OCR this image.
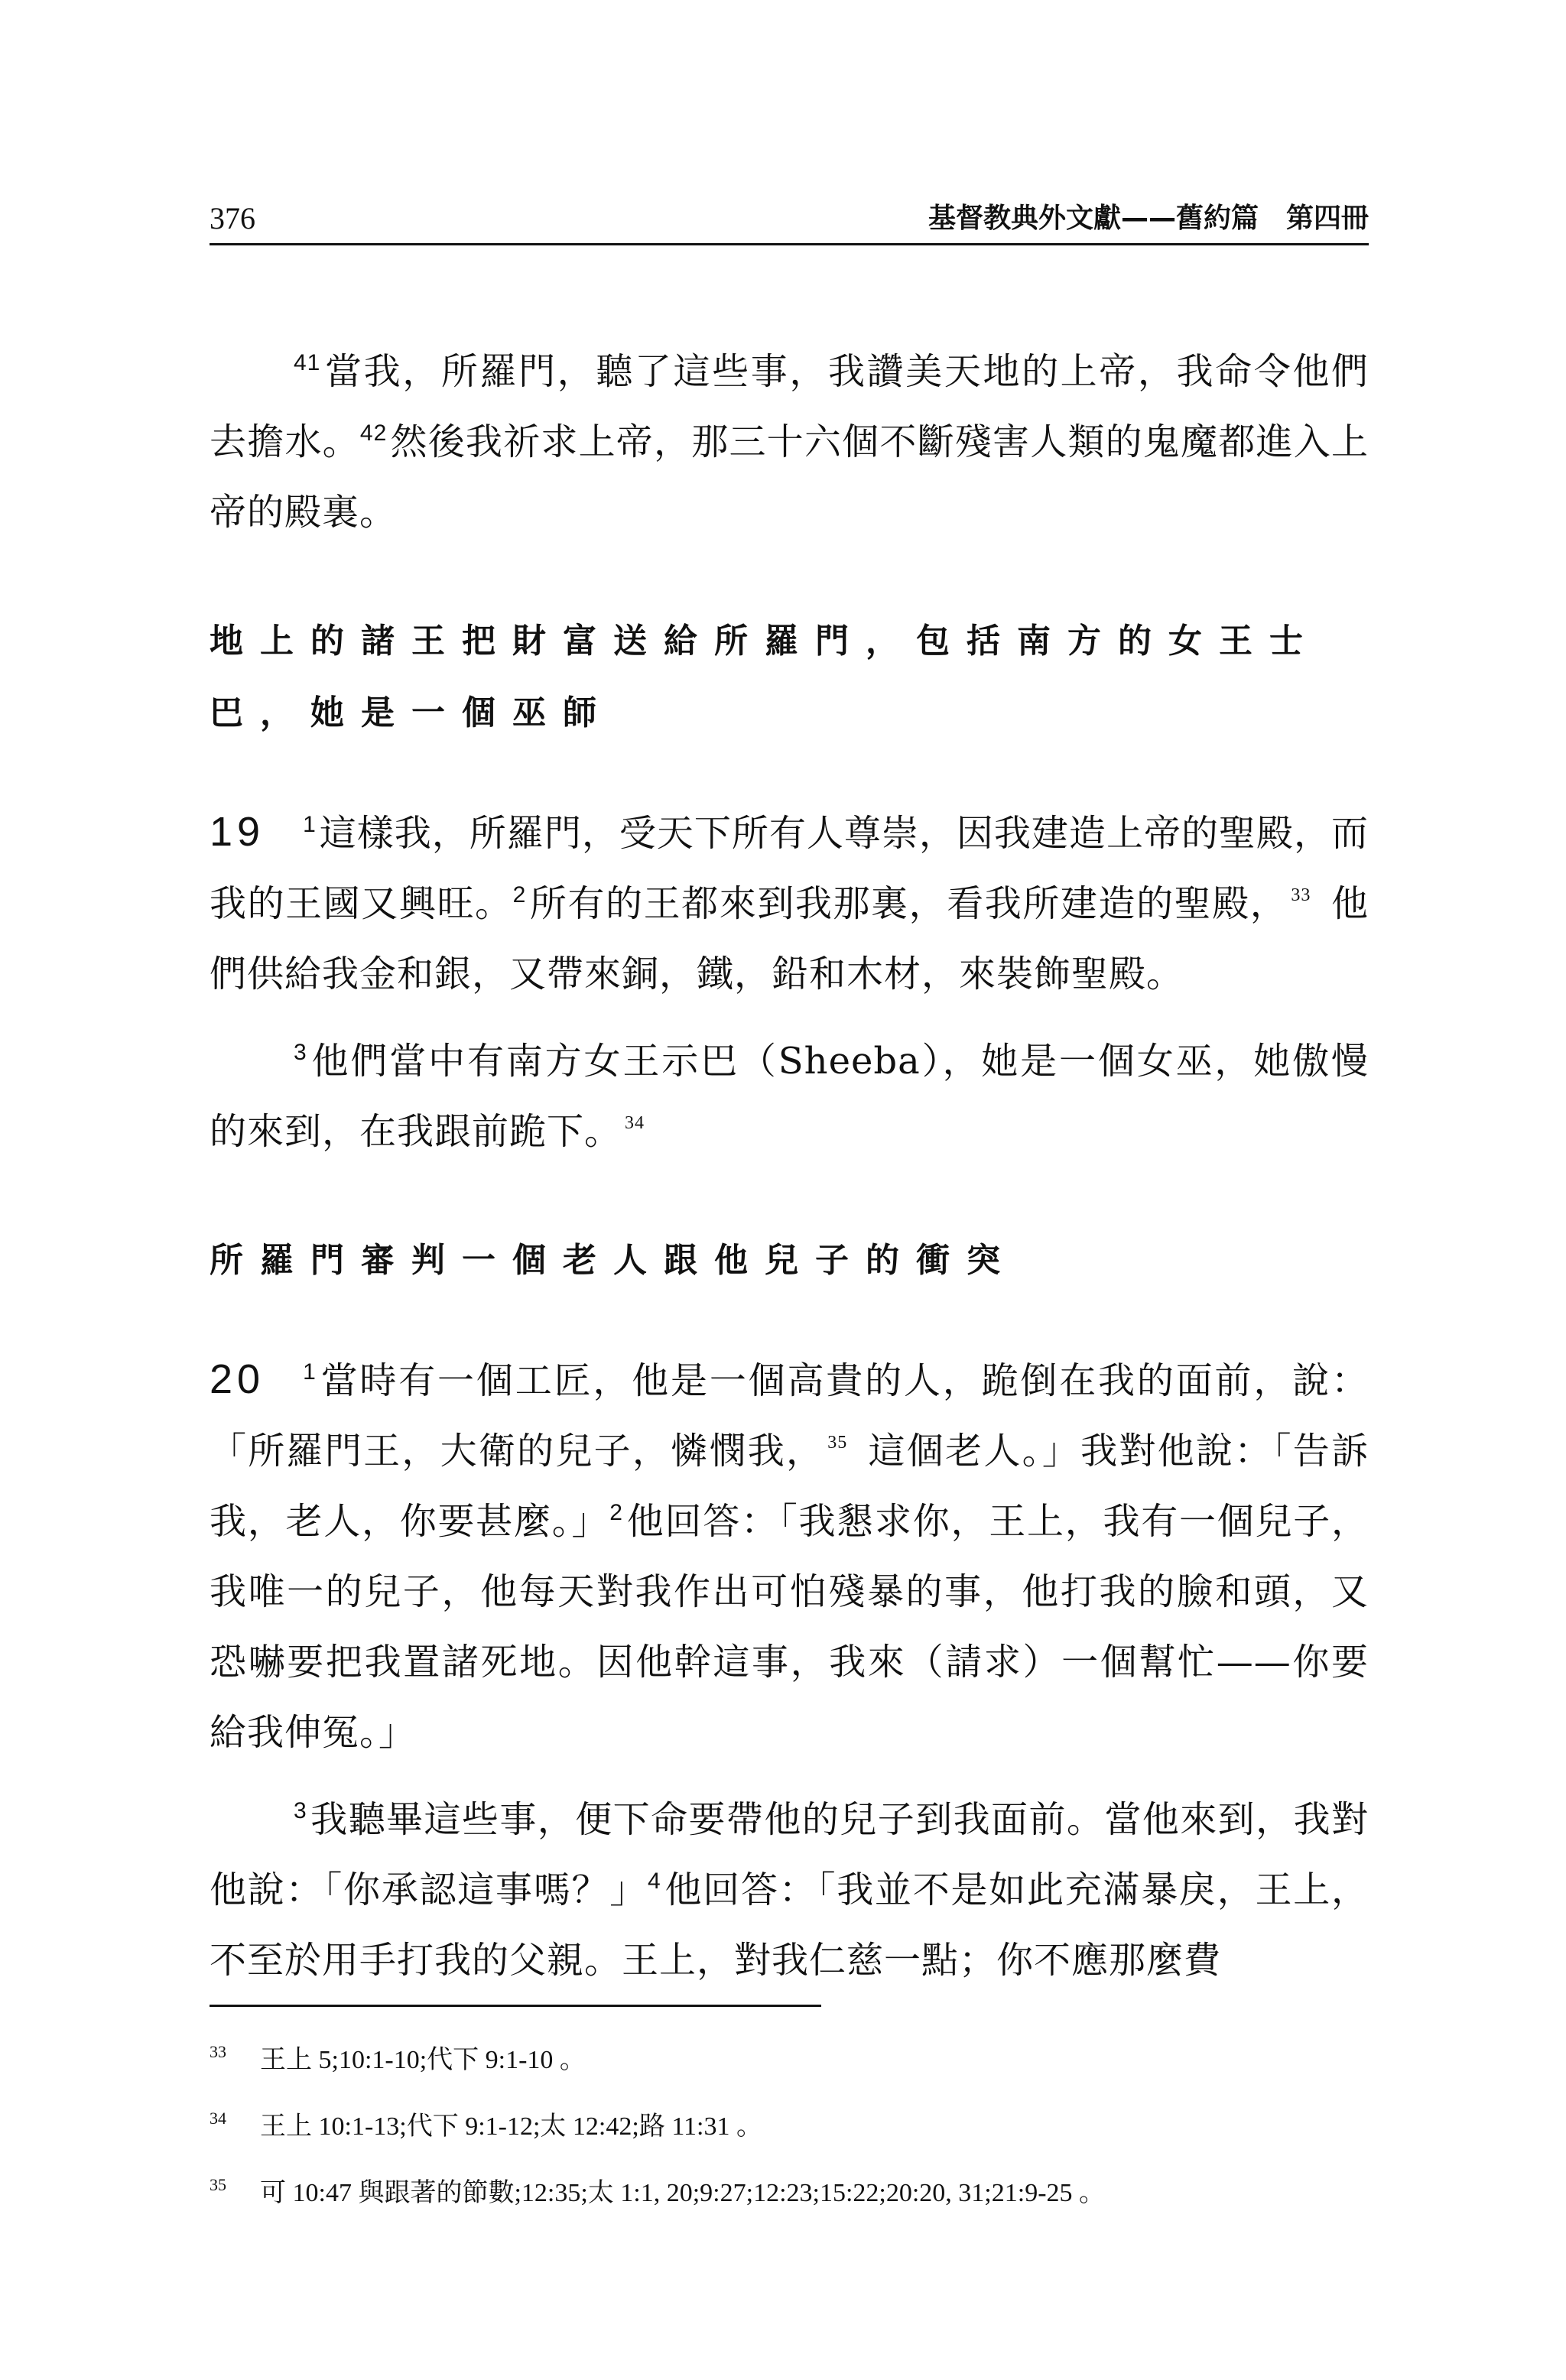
376	基督教典外文獻——舊約篇 第四冊

$^{41}$當我，所羅門，聽了這些事，我讚美天地的上帝，我命令他們去擔水。$^{42}$然後我祈求上帝，那三十六個不斷殘害人類的鬼魔都進入上帝的殿裏。

地上的諸王把財富送給所羅門，包括南方的女王士巴，她是一個巫師

19 $^1$這樣我，所羅門，受天下所有人尊崇，因我建造上帝的聖殿，而我的王國又興旺。$^2$所有的王都來到我那裏，看我所建造的聖殿， $^{33}$ 他們供給我金和銀，又帶來銅，鐵，鉛和木材，來裝飾聖殿。

$^3$他們當中有南方女王示巴（Sheeba），她是一個女巫，她傲慢的來到，在我跟前跪下。 $^{34}$

所羅門審判一個老人跟他兒子的衝突

20 $^1$當時有一個工匠，他是一個高貴的人，跪倒在我的面前，說：「所羅門王，大衛的兒子，憐憫我， $^{35}$ 這個老人。」我對他說：「告訴我，老人，你要甚麼。」$^2$他回答：「我懇求你，王上，我有一個兒子，我唯一的兒子，他每天對我作出可怕殘暴的事，他打我的臉和頭，又恐嚇要把我置諸死地。因他幹這事，我來（請求）一個幫忙——你要給我伸冤。」

$^3$我聽畢這些事，便下命要帶他的兒子到我面前。當他來到，我對他說：「你承認這事嗎？」$^4$他回答：「我並不是如此充滿暴戾，王上，不至於用手打我的父親。王上，對我仁慈一點；你不應那麼費

33 王上 5;10:1-10;代下 9:1-10 。

34 王上 10:1-13;代下 9:1-12;太 12:42;路 11:31 。

35 可 10:47 與跟著的節數;12:35;太 1:1, 20;9:27;12:23;15:22;20:20, 31;21:9-25 。
